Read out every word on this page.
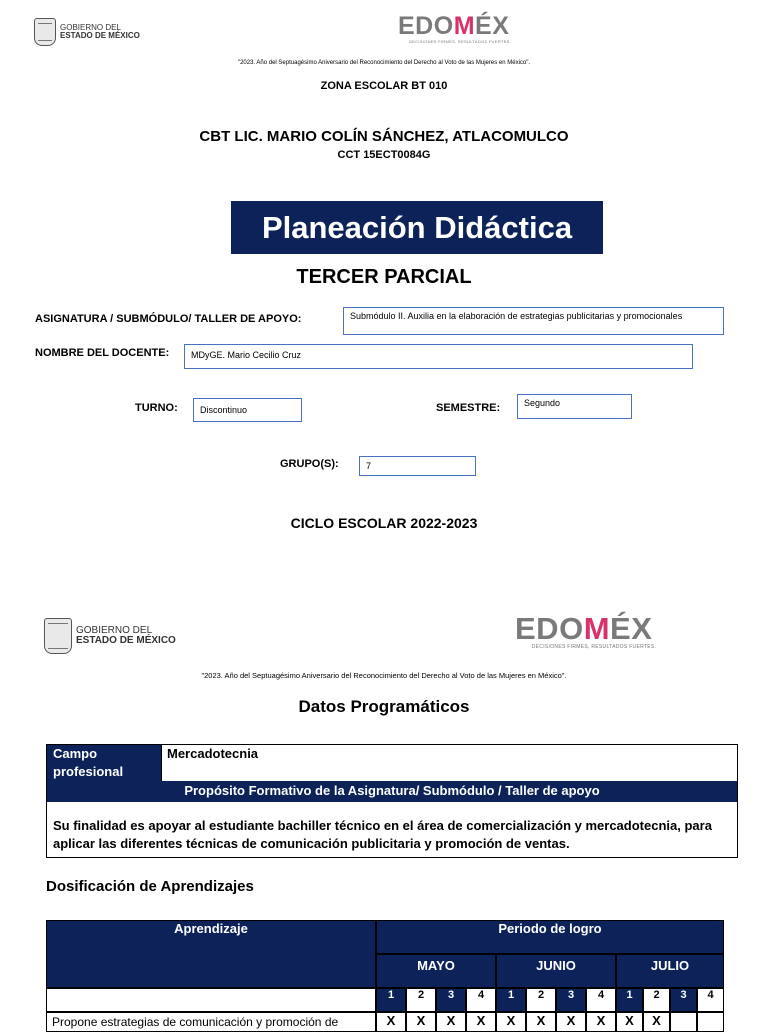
GOBIERNO DEL
ESTADO DE MÉXICO	EDOMÉX
DECISIONES FIRMES, RESULTADOS FUERTES.
"2023. Año del Septuagésimo Aniversario del Reconocimiento del Derecho al Voto de las Mujeres en México".
ZONA ESCOLAR BT 010
CBT LIC. MARIO COLÍN SÁNCHEZ, ATLACOMULCO
CCT 15ECT0084G
Planeación Didáctica
TERCER PARCIAL
ASIGNATURA / SUBMÓDULO/ TALLER DE APOYO:	Submódulo II. Auxilia en la elaboración de estrategias publicitarias y promocionales
NOMBRE DEL DOCENTE:	MDyGE. Mario Cecilio Cruz
TURNO:	Discontinuo	SEMESTRE:	Segundo
GRUPO(S):	7
CICLO ESCOLAR 2022-2023
GOBIERNO DEL
ESTADO DE MÉXICO	EDOMÉX
DECISIONES FIRMES, RESULTADOS FUERTES.
"2023. Año del Septuagésimo Aniversario del Reconocimiento del Derecho al Voto de las Mujeres en México".
Datos Programáticos
Campo profesional
Mercadotecnia
Propósito Formativo de la Asignatura/ Submódulo / Taller de apoyo
Su finalidad es apoyar al estudiante bachiller técnico en el área de comercialización y mercadotecnia, para aplicar las diferentes técnicas de comunicación publicitaria y promoción de ventas.
Dosificación de Aprendizajes
Aprendizaje	Periodo de logro
MAYO	JUNIO	JULIO
1	2	3	4	1	2	3	4	1	2	3	4
Propone estrategias de comunicación y promoción de	X	X	X	X	X	X	X	X	X	X
